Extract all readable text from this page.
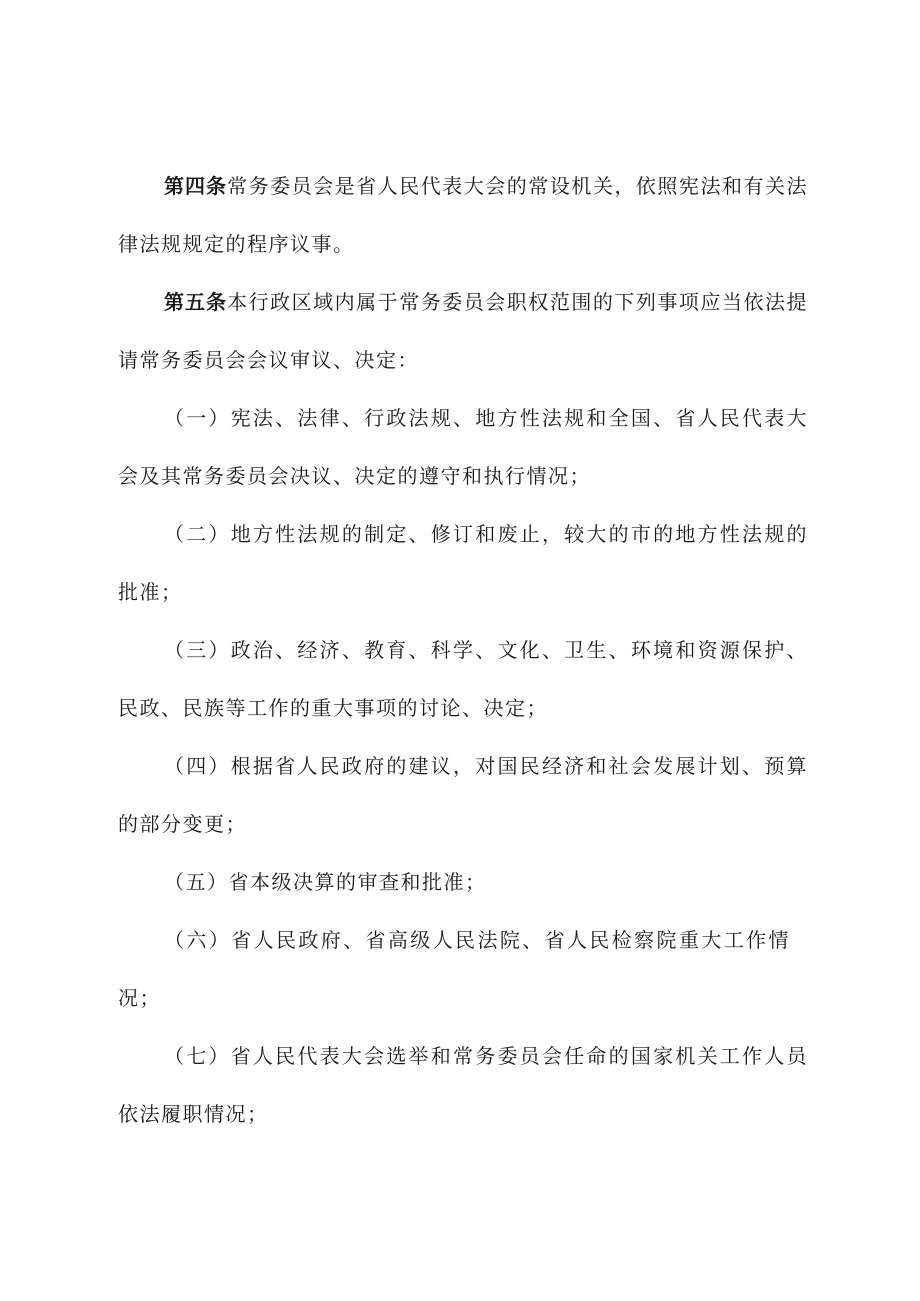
第四条常务委员会是省人民代表大会的常设机关，依照宪法和有关法律法规规定的程序议事。

第五条本行政区域内属于常务委员会职权范围的下列事项应当依法提请常务委员会会议审议、决定：

（一）宪法、法律、行政法规、地方性法规和全国、省人民代表大会及其常务委员会决议、决定的遵守和执行情况；

（二）地方性法规的制定、修订和废止，较大的市的地方性法规的批准；

（三）政治、经济、教育、科学、文化、卫生、环境和资源保护、民政、民族等工作的重大事项的讨论、决定；

（四）根据省人民政府的建议，对国民经济和社会发展计划、预算的部分变更；

（五）省本级决算的审查和批准；

（六）省人民政府、省高级人民法院、省人民检察院重大工作情况；

（七）省人民代表大会选举和常务委员会任命的国家机关工作人员依法履职情况；
